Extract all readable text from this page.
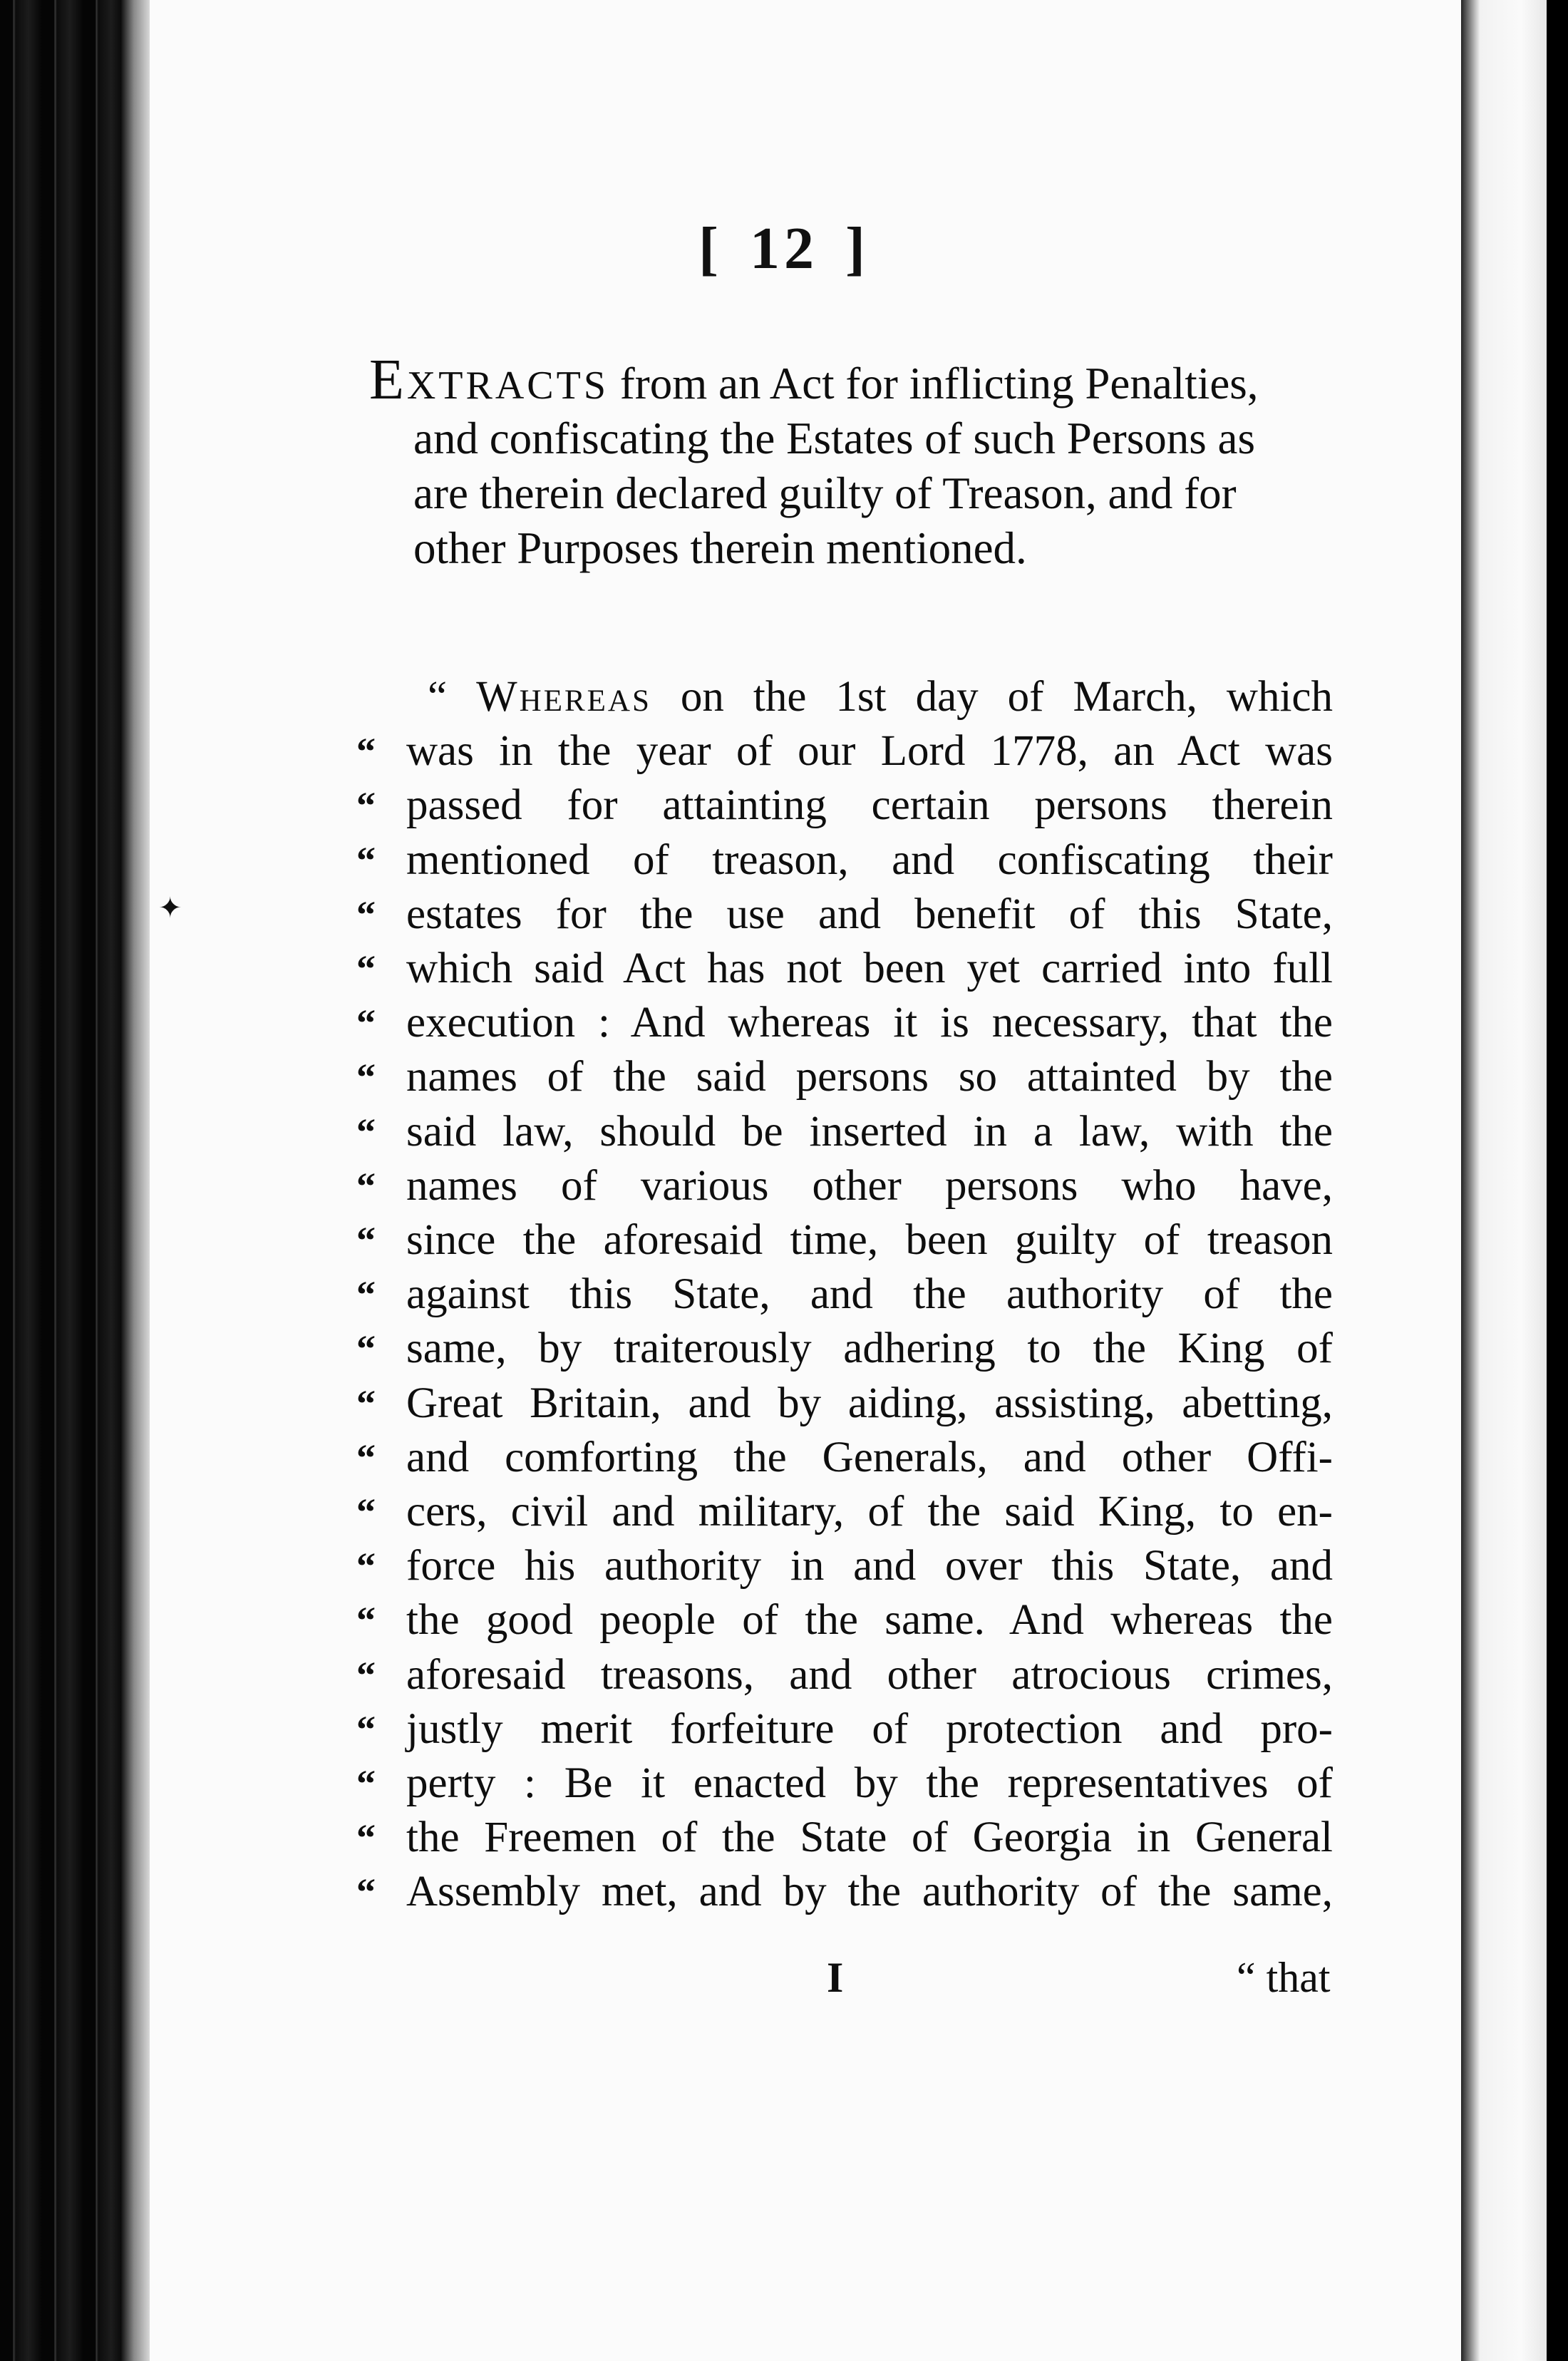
✦
[ 12 ]
Extracts from an Act for inflicting Penalties,
and confiscating the Estates of such Persons as
are therein declared guilty of Treason, and for
other Purposes therein mentioned.
“ Whereas on the 1st day of March, which
“ was in the year of our Lord 1778, an Act was
“ passed for attainting certain persons therein
“ mentioned of treason, and confiscating their
“ estates for the use and benefit of this State,
“ which said Act has not been yet carried into full
“ execution : And whereas it is necessary, that the
“ names of the said persons so attainted by the
“ said law, should be inserted in a law, with the
“ names of various other persons who have,
“ since the aforesaid time, been guilty of treason
“ against this State, and the authority of the
“ same, by traiterously adhering to the King of
“ Great Britain, and by aiding, assisting, abetting,
“ and comforting the Generals, and other Offi-
“ cers, civil and military, of the said King, to en-
“ force his authority in and over this State, and
“ the good people of the same. And whereas the
“ aforesaid treasons, and other atrocious crimes,
“ justly merit forfeiture of protection and pro-
“ perty : Be it enacted by the representatives of
“ the Freemen of the State of Georgia in General
“ Assembly met, and by the authority of the same,
I	“ that
